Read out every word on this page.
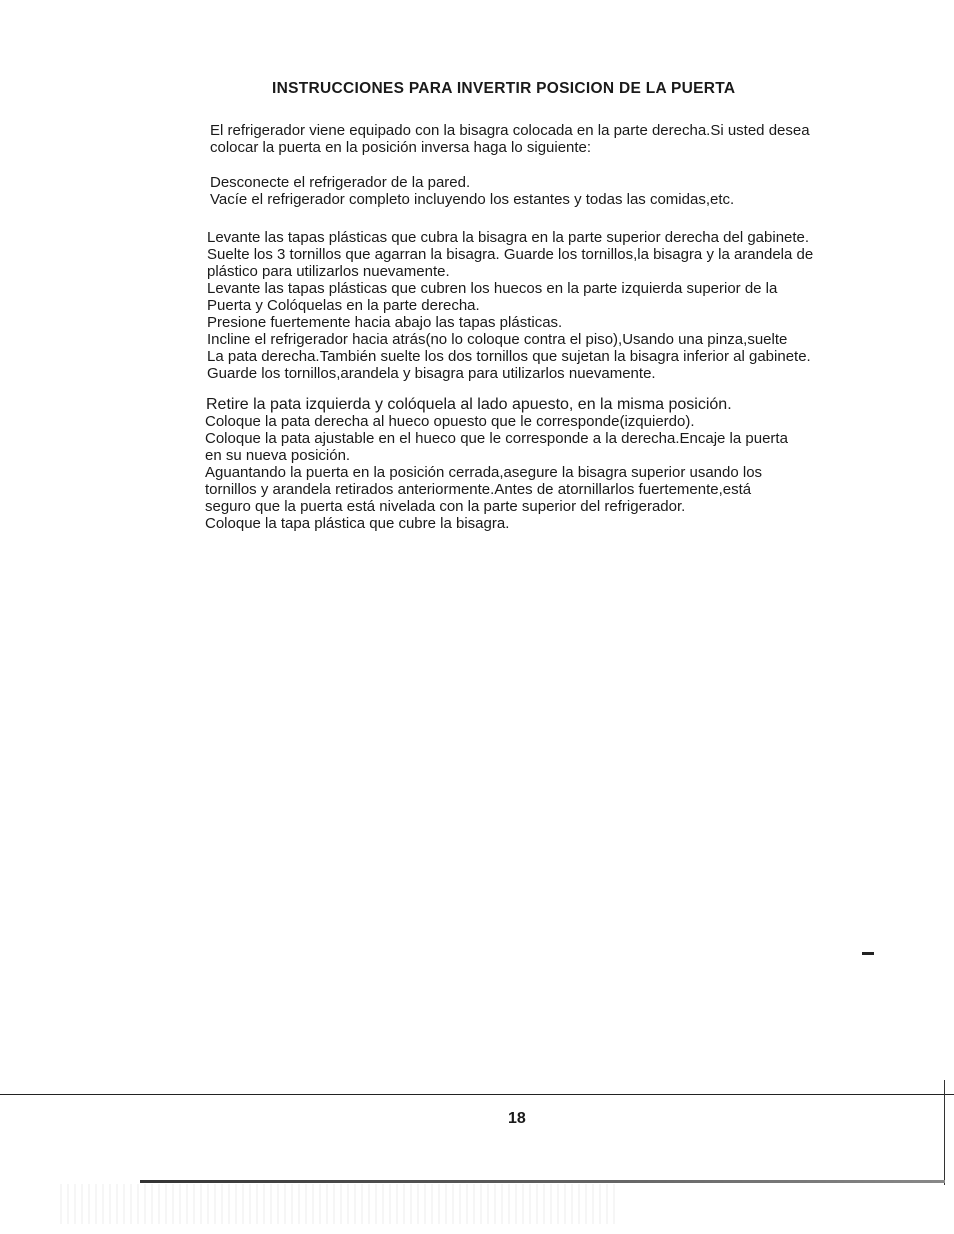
INSTRUCCIONES PARA INVERTIR POSICION DE LA PUERTA

El refrigerador viene equipado con la bisagra colocada en la parte derecha.Si usted desea
colocar la puerta en la posición inversa haga lo siguiente:

Desconecte el refrigerador de la pared.
Vacíe el refrigerador completo incluyendo los estantes y todas las comidas,etc.

Levante las tapas plásticas que cubra la bisagra en la parte superior derecha del gabinete.
Suelte los 3 tornillos que agarran la bisagra. Guarde los tornillos,la bisagra y la arandela de
plástico para utilizarlos nuevamente.
Levante las tapas plásticas que cubren los huecos en la parte izquierda superior de la
Puerta y Colóquelas en la parte derecha.
Presione fuertemente hacia abajo las tapas plásticas.
Incline el refrigerador hacia atrás(no lo coloque contra el piso),Usando una pinza,suelte
La pata derecha.También suelte los dos tornillos que sujetan la bisagra inferior al gabinete.
Guarde los tornillos,arandela y bisagra para utilizarlos nuevamente.

Retire la pata izquierda y colóquela al lado apuesto, en la misma posición.

Coloque la pata derecha al hueco opuesto que le corresponde(izquierdo).
Coloque la pata ajustable en el hueco que le corresponde a la derecha.Encaje la puerta
en su nueva posición.
Aguantando la puerta en la posición cerrada,asegure la bisagra superior usando los
tornillos y arandela retirados anteriormente.Antes de atornillarlos fuertemente,está
seguro que la puerta está nivelada con la parte superior del refrigerador.
Coloque la tapa plástica que cubre la bisagra.

18
